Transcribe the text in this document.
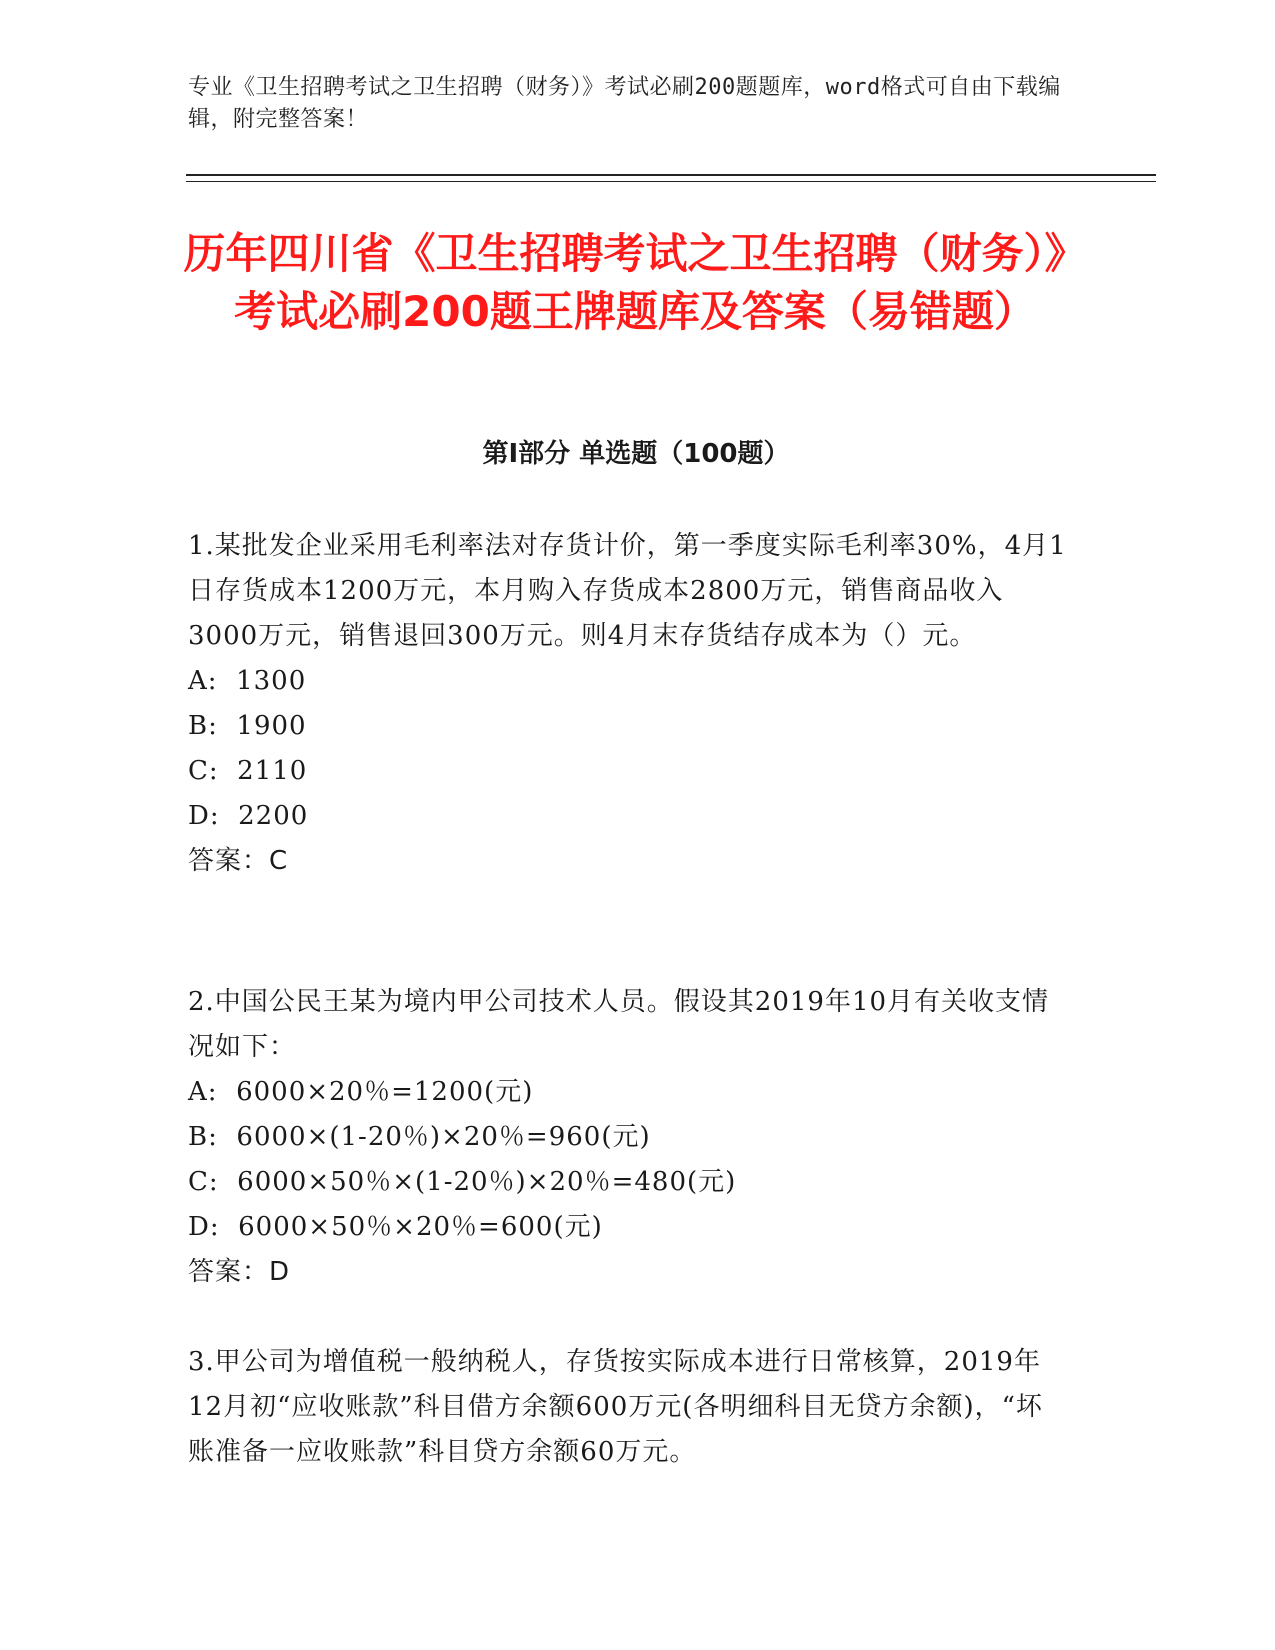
专业《卫生招聘考试之卫生招聘（财务）》考试必刷200题题库，word格式可自由下载编辑，附完整答案！
历年四川省《卫生招聘考试之卫生招聘（财务）》考试必刷200题王牌题库及答案（易错题）
第I部分 单选题（100题）

1.某批发企业采用毛利率法对存货计价，第一季度实际毛利率30%，4月1日存货成本1200万元，本月购入存货成本2800万元，销售商品收入3000万元，销售退回300万元。则4月末存货结存成本为（）元。

A:  1300

B:  1900

C:  2110

D:  2200

答案：C

2.中国公民王某为境内甲公司技术人员。假设其2019年10月有关收支情况如下：

A:  6000×20％=1200(元)

B:  6000×(1-20％)×20％=960(元)

C:  6000×50％×(1-20％)×20％=480(元)

D:  6000×50％×20％=600(元)

答案：D

3.甲公司为增值税一般纳税人，存货按实际成本进行日常核算，2019年12月初“应收账款”科目借方余额600万元(各明细科目无贷方余额)，“坏账准备一应收账款”科目贷方余额60万元。
